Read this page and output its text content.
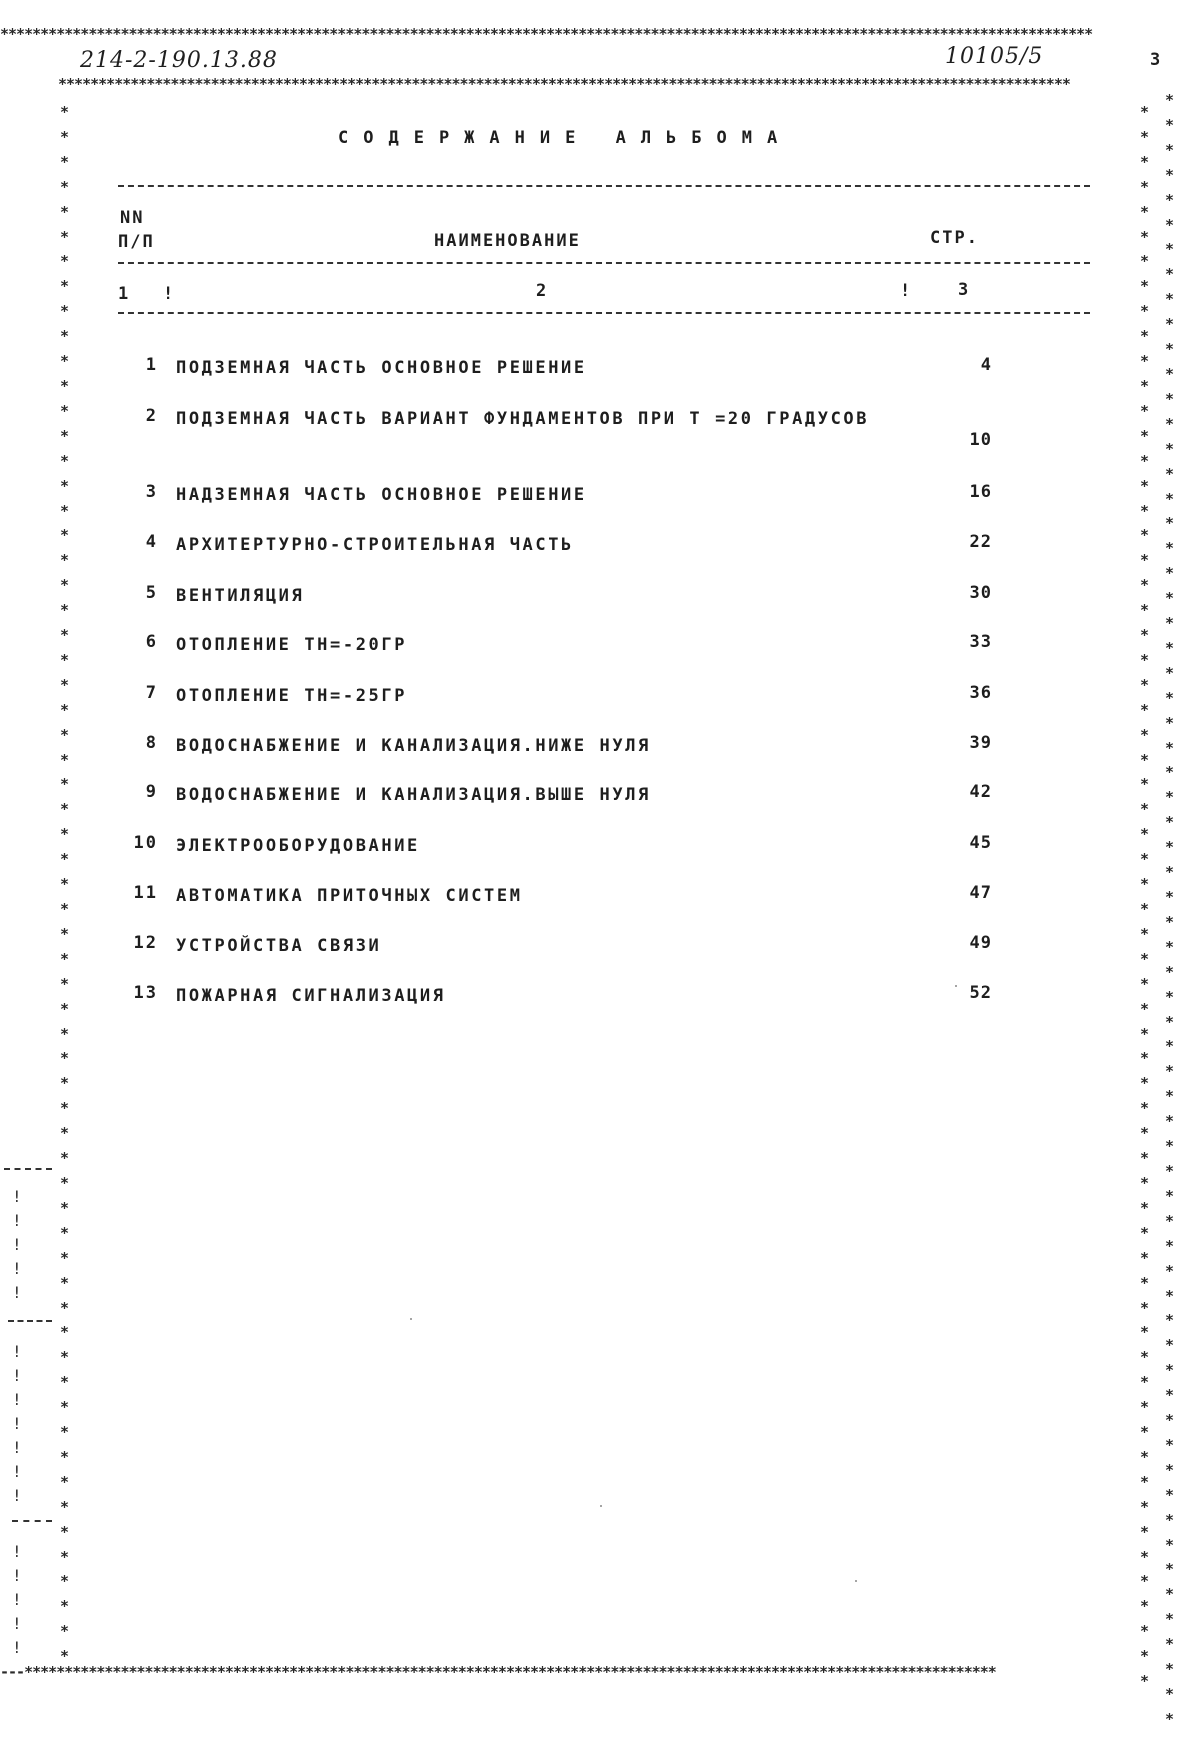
****************************************************************************************************************************************
******************************************************************************************************************************
---*************************************************************************************************************************
*
*
*
*
*
*
*
*
*
*
*
*
*
*
*
*
*
*
*
*
*
*
*
*
*
*
*
*
*
*
*
*
*
*
*
*
*
*
*
*
*
*
*
*
*
*
*
*
*
*
*
*
*
*
*
*
*
*
*
*
*
*
*
*
*
*
*
*
*
*
*
*
*
*
*
*
*
*
*
*
*
*
*
*
*
*
*
*
*
*
*
*
*
*
*
*
*
*
*
*
*
*
*
*
*
*
*
*
*
*
*
*
*
*
*
*
*
*
*
*
*
*
*
*
*
*
*
*
*
*
*
*
*
*
*
*
*
*
*
*
*
*
*
*
*
*
*
*
*
*
*
*
*
*
*
*
*
*
*
*
*
*
*
*
*
*
*
*
*
*
*
*
*
*
*
*
*
*
*
*
*
*
*
*
*
*
*
*
*
*
*
*
*
!
!
!
!
!
!
!
!
!
!
!
!
!
!
!
!
!
214-2-190.13.88	10105/5	3
СОДЕРЖАНИЕ АЛЬБОМА
NN
П/П	НАИМЕНОВАНИЕ	СТР.
1 !	2	!	3
1 ПОДЗЕМНАЯ ЧАСТЬ ОСНОВНОЕ РЕШЕНИЕ	4
2 ПОДЗЕМНАЯ ЧАСТЬ ВАРИАНТ ФУНДАМЕНТОВ ПРИ Т =20 ГРАДУСОВ
10
3 НАДЗЕМНАЯ ЧАСТЬ ОСНОВНОЕ РЕШЕНИЕ	16
4 АРХИТЕРТУРНО-СТРОИТЕЛЬНАЯ ЧАСТЬ	22
5 ВЕНТИЛЯЦИЯ	30
6 ОТОПЛЕНИЕ ТН=-20ГР	33
7 ОТОПЛЕНИЕ ТН=-25ГР	36
8 ВОДОСНАБЖЕНИЕ И КАНАЛИЗАЦИЯ.НИЖЕ НУЛЯ	39
9 ВОДОСНАБЖЕНИЕ И КАНАЛИЗАЦИЯ.ВЫШЕ НУЛЯ	42
10 ЭЛЕКТРООБОРУДОВАНИЕ	45
11 АВТОМАТИКА ПРИТОЧНЫХ СИСТЕМ	47
12 УСТРОЙСТВА СВЯЗИ	49
13 ПОЖАРНАЯ СИГНАЛИЗАЦИЯ	52
